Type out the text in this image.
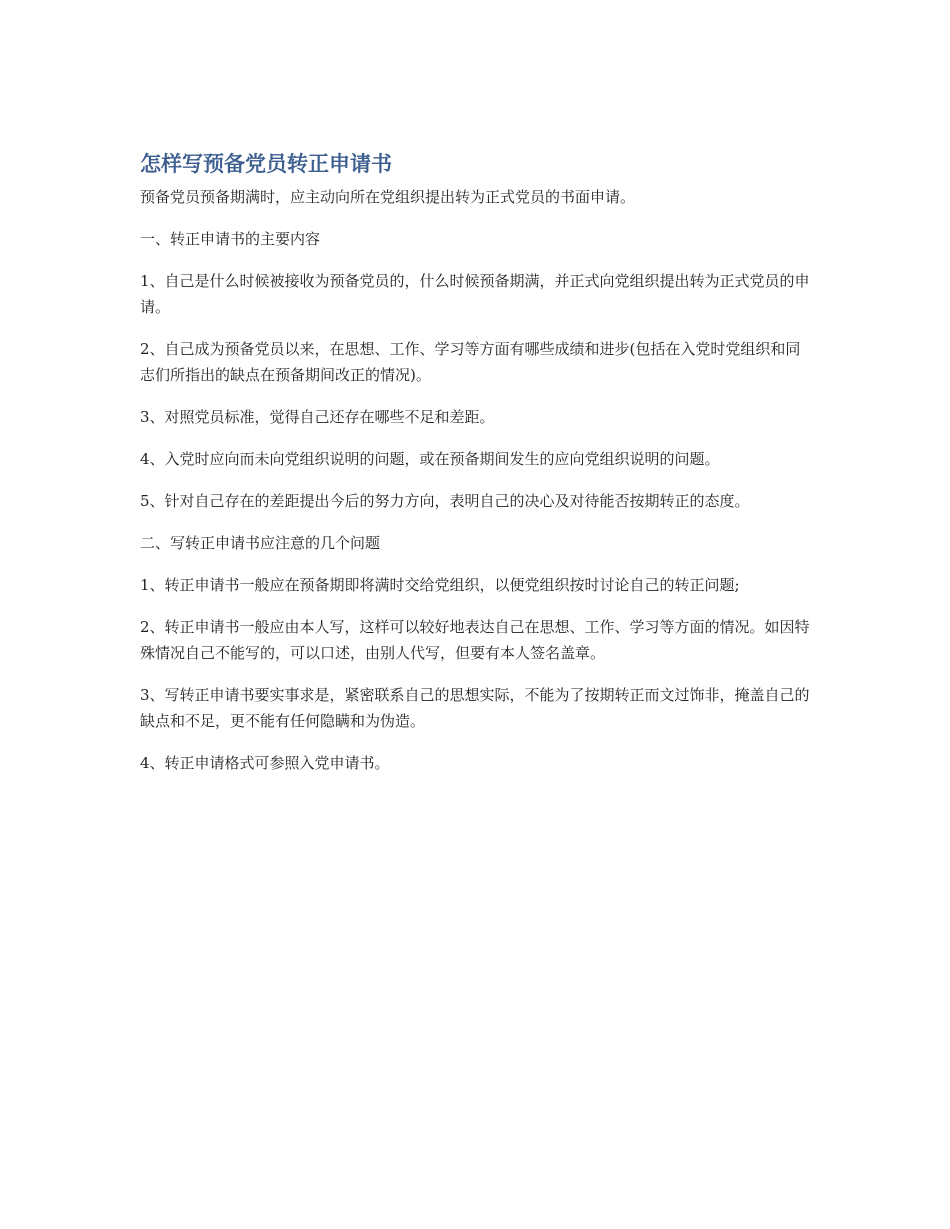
怎样写预备党员转正申请书

预备党员预备期满时，应主动向所在党组织提出转为正式党员的书面申请。

一、转正申请书的主要内容

1、自己是什么时候被接收为预备党员的，什么时候预备期满，并正式向党组织提出转为正式党员的申请。

2、自己成为预备党员以来，在思想、工作、学习等方面有哪些成绩和进步(包括在入党时党组织和同志们所指出的缺点在预备期间改正的情况)。

3、对照党员标准，觉得自己还存在哪些不足和差距。

4、入党时应向而未向党组织说明的问题，或在预备期间发生的应向党组织说明的问题。

5、针对自己存在的差距提出今后的努力方向，表明自己的决心及对待能否按期转正的态度。

二、写转正申请书应注意的几个问题

1、转正申请书一般应在预备期即将满时交给党组织，以便党组织按时讨论自己的转正问题;

2、转正申请书一般应由本人写，这样可以较好地表达自己在思想、工作、学习等方面的情况。如因特殊情况自己不能写的，可以口述，由别人代写，但要有本人签名盖章。

3、写转正申请书要实事求是，紧密联系自己的思想实际，不能为了按期转正而文过饰非，掩盖自己的缺点和不足，更不能有任何隐瞒和为伪造。

4、转正申请格式可参照入党申请书。
